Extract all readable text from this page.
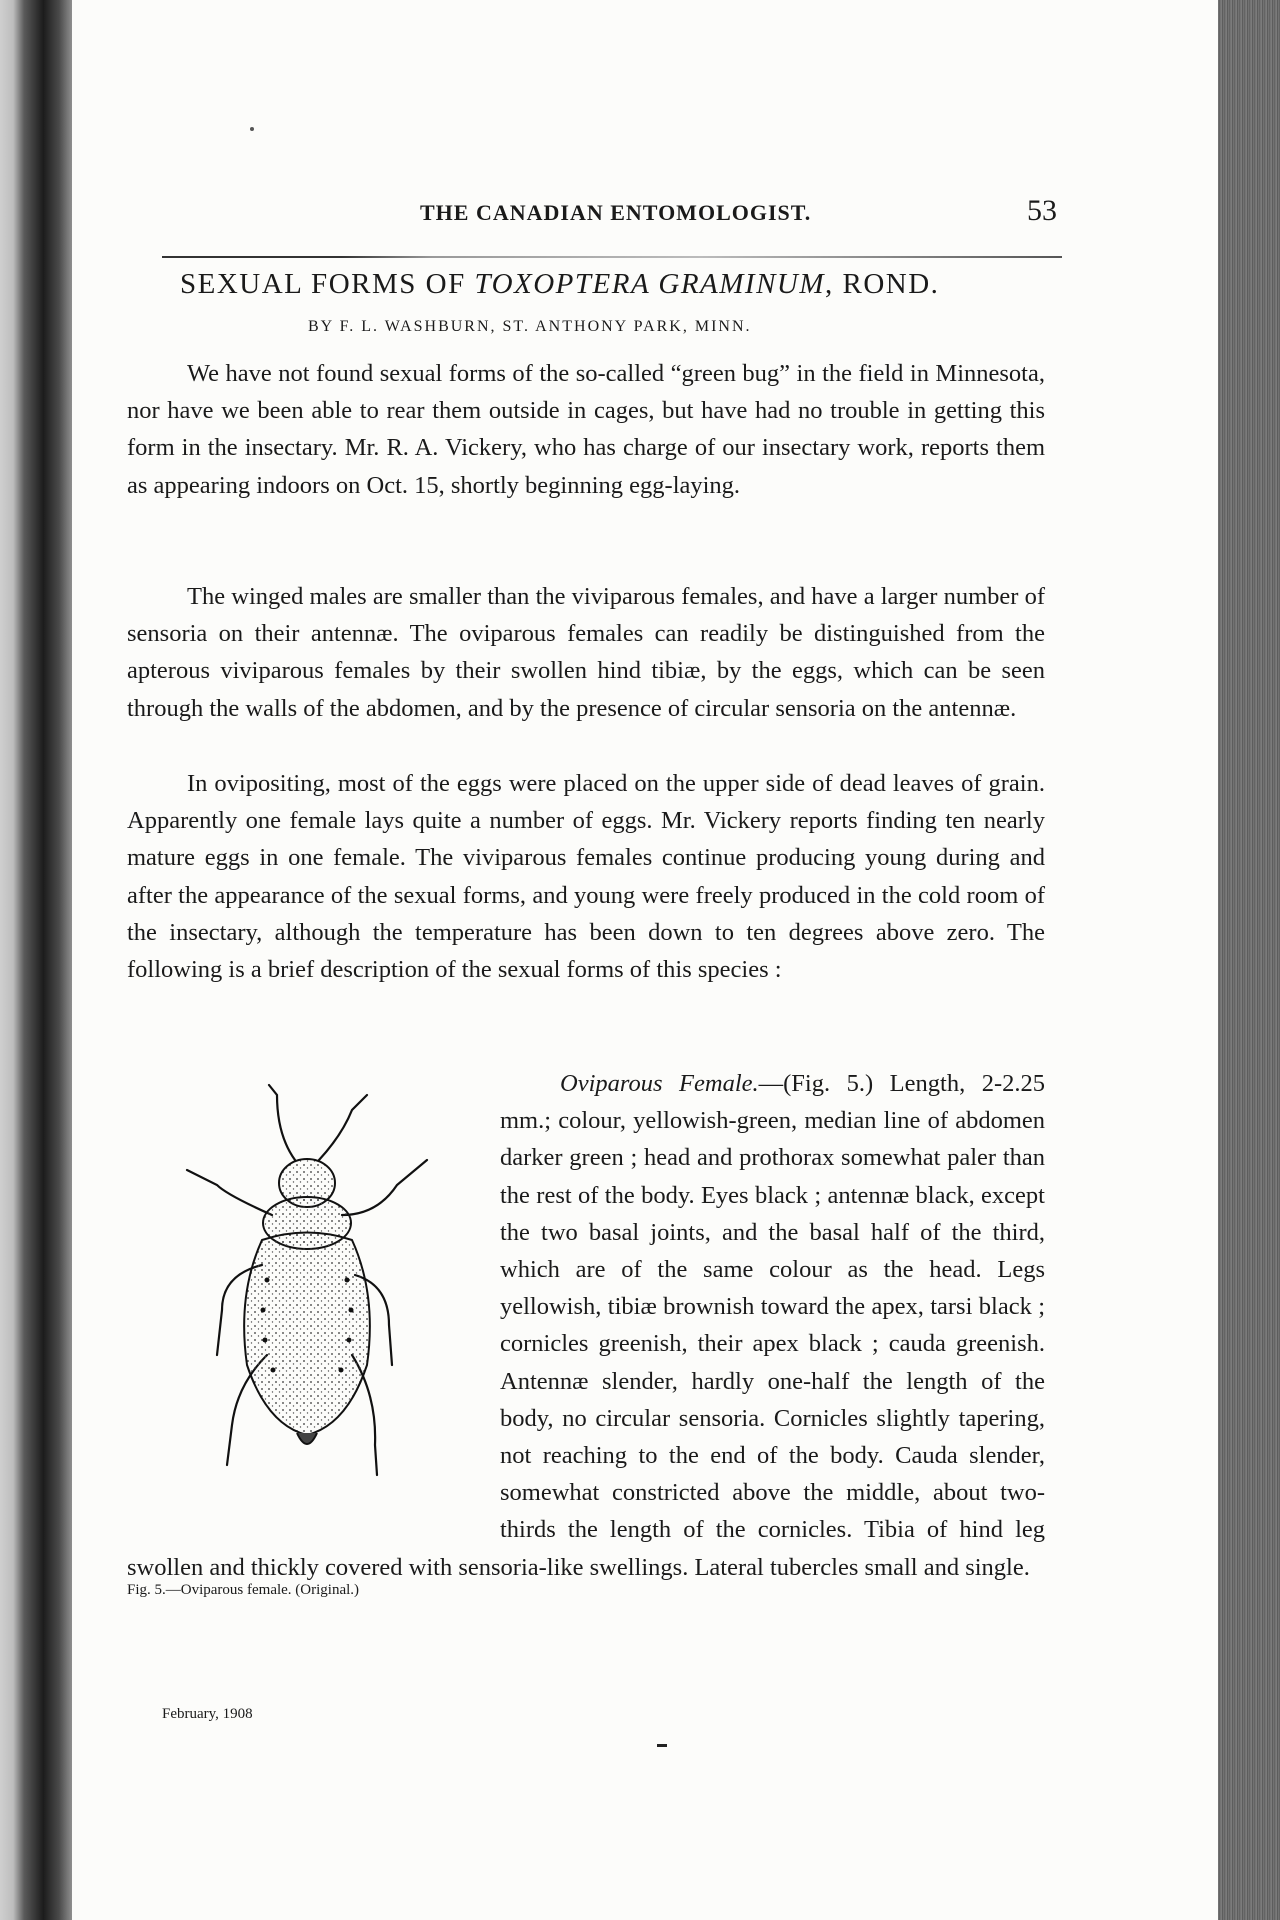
THE CANADIAN ENTOMOLOGIST.	53
SEXUAL FORMS OF TOXOPTERA GRAMINUM, ROND.
BY F. L. WASHBURN, ST. ANTHONY PARK, MINN.

We have not found sexual forms of the so-called “green bug” in the field in Minnesota, nor have we been able to rear them outside in cages, but have had no trouble in getting this form in the insectary. Mr. R. A. Vickery, who has charge of our insectary work, reports them as appearing indoors on Oct. 15, shortly beginning egg-laying.

The winged males are smaller than the viviparous females, and have a larger number of sensoria on their antennæ. The oviparous females can readily be distinguished from the apterous viviparous females by their swollen hind tibiæ, by the eggs, which can be seen through the walls of the abdomen, and by the presence of circular sensoria on the antennæ.

In ovipositing, most of the eggs were placed on the upper side of dead leaves of grain. Apparently one female lays quite a number of eggs. Mr. Vickery reports finding ten nearly mature eggs in one female. The viviparous females continue producing young during and after the appearance of the sexual forms, and young were freely produced in the cold room of the insectary, although the temperature has been down to ten degrees above zero. The following is a brief description of the sexual forms of this species :

Oviparous Female.
—(Fig. 5.) Length, 2-2.25 mm.; colour, yellowish-green, median line of abdomen darker green ; head and prothorax somewhat paler than the rest of the body. Eyes black ; antennæ black, except the two basal joints, and the basal half of the third, which are of the same colour as the head. Legs yellowish, tibiæ brownish toward the apex, tarsi black ; cornicles greenish, their apex black ; cauda greenish. Antennæ slender, hardly one-half the length of the body, no circular sensoria. Cornicles slightly tapering, not reaching to the end of the body. Cauda slender, somewhat constricted above the middle, about two-thirds the length of the cornicles. Tibia of hind leg swollen and thickly covered with sensoria-like swellings. Lateral tubercles small and single.
Fig. 5.—Oviparous female. (Original.)
February, 1908
